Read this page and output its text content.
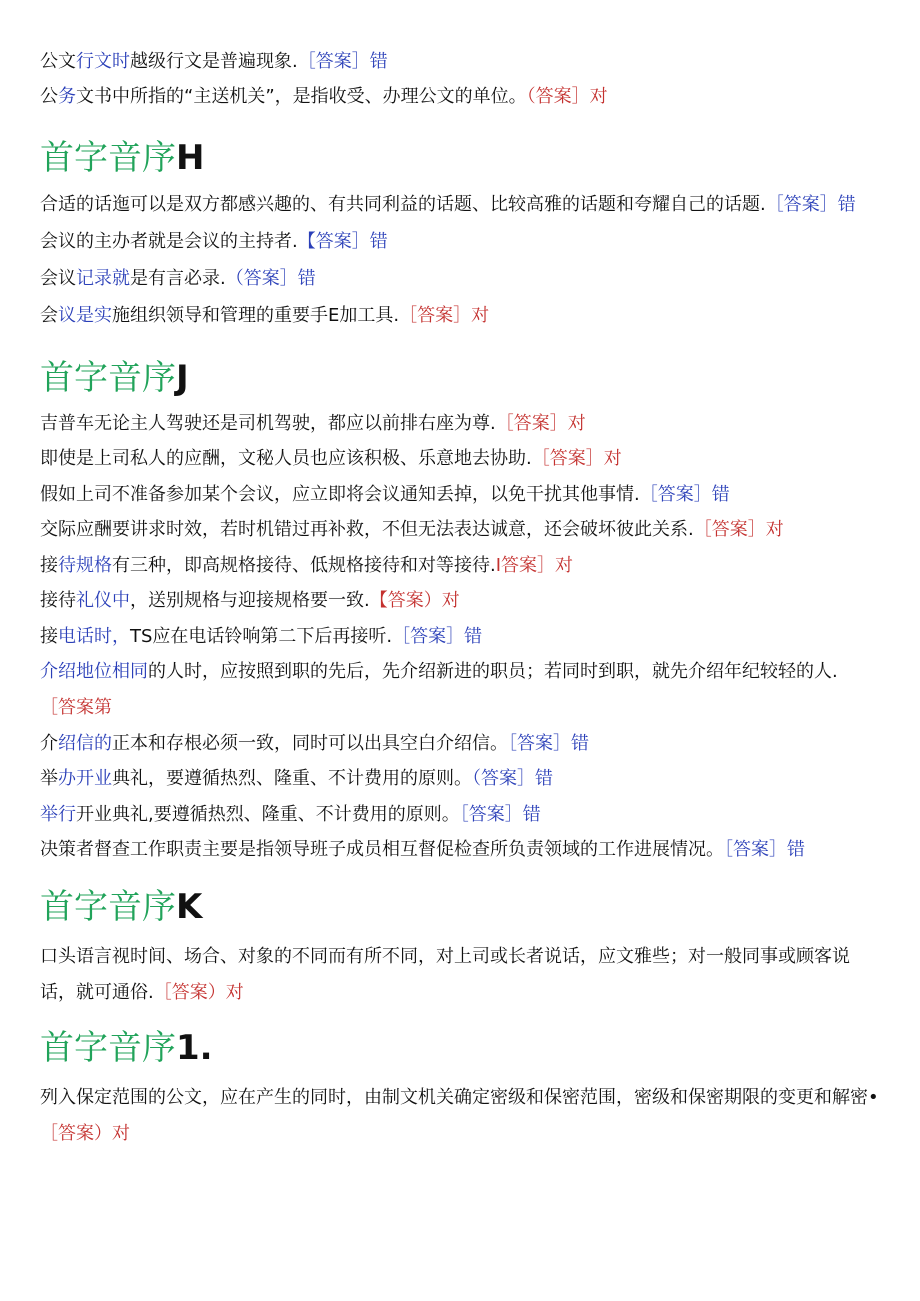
公文行文时越级行文是普遍现象.［答案］错

公务文书中所指的“主送机关”，是指收受、办理公文的单位。（答案］对

首字音序H

合适的话迤可以是双方都感兴趣的、有共同利益的话题、比较高雅的话题和夸耀自己的话题.［答案］错

会议的主办者就是会议的主持者.【答案］错

会议记录就是有言必录.（答案］错

会议是实施组织领导和管理的重要手E加工具.［答案］对

首字音序J

吉普车无论主人驾驶还是司机驾驶，都应以前排右座为尊.［答案］对

即使是上司私人的应酬，文秘人员也应该积极、乐意地去协助.［答案］对

假如上司不准备参加某个会议，应立即将会议通知丢掉，以免干扰其他事情.［答案］错

交际应酬要讲求时效，若时机错过再补救，不但无法表达诚意，还会破坏彼此关系.［答案］对

接待规格有三种，即高规格接待、低规格接待和对等接待.I答案］对

接待礼仪中，送别规格与迎接规格要一致.【答案）对

接电话时，TS应在电话铃响第二下后再接听.［答案］错

介绍地位相同的人时，应按照到职的先后，先介绍新进的职员；若同时到职，就先介绍年纪较轻的人.
［答案第

介绍信的正本和存根必须一致，同时可以出具空白介绍信。［答案］错

举办开业典礼，要遵循热烈、隆重、不计费用的原则。（答案］错

举行开业典礼,要遵循热烈、隆重、不计费用的原则。［答案］错

决策者督查工作职责主要是指领导班子成员相互督促检查所负责领域的工作进展情况。［答案］错

首字音序K

口头语言视时间、场合、对象的不同而有所不同，对上司或长者说话，应文雅些；对一般同事或顾客说话，就可通俗.［答案）对

首字音序1.

列入保定范围的公文，应在产生的同时，由制文机关确定密级和保密范围，密级和保密期限的变更和解密•［答案）对
